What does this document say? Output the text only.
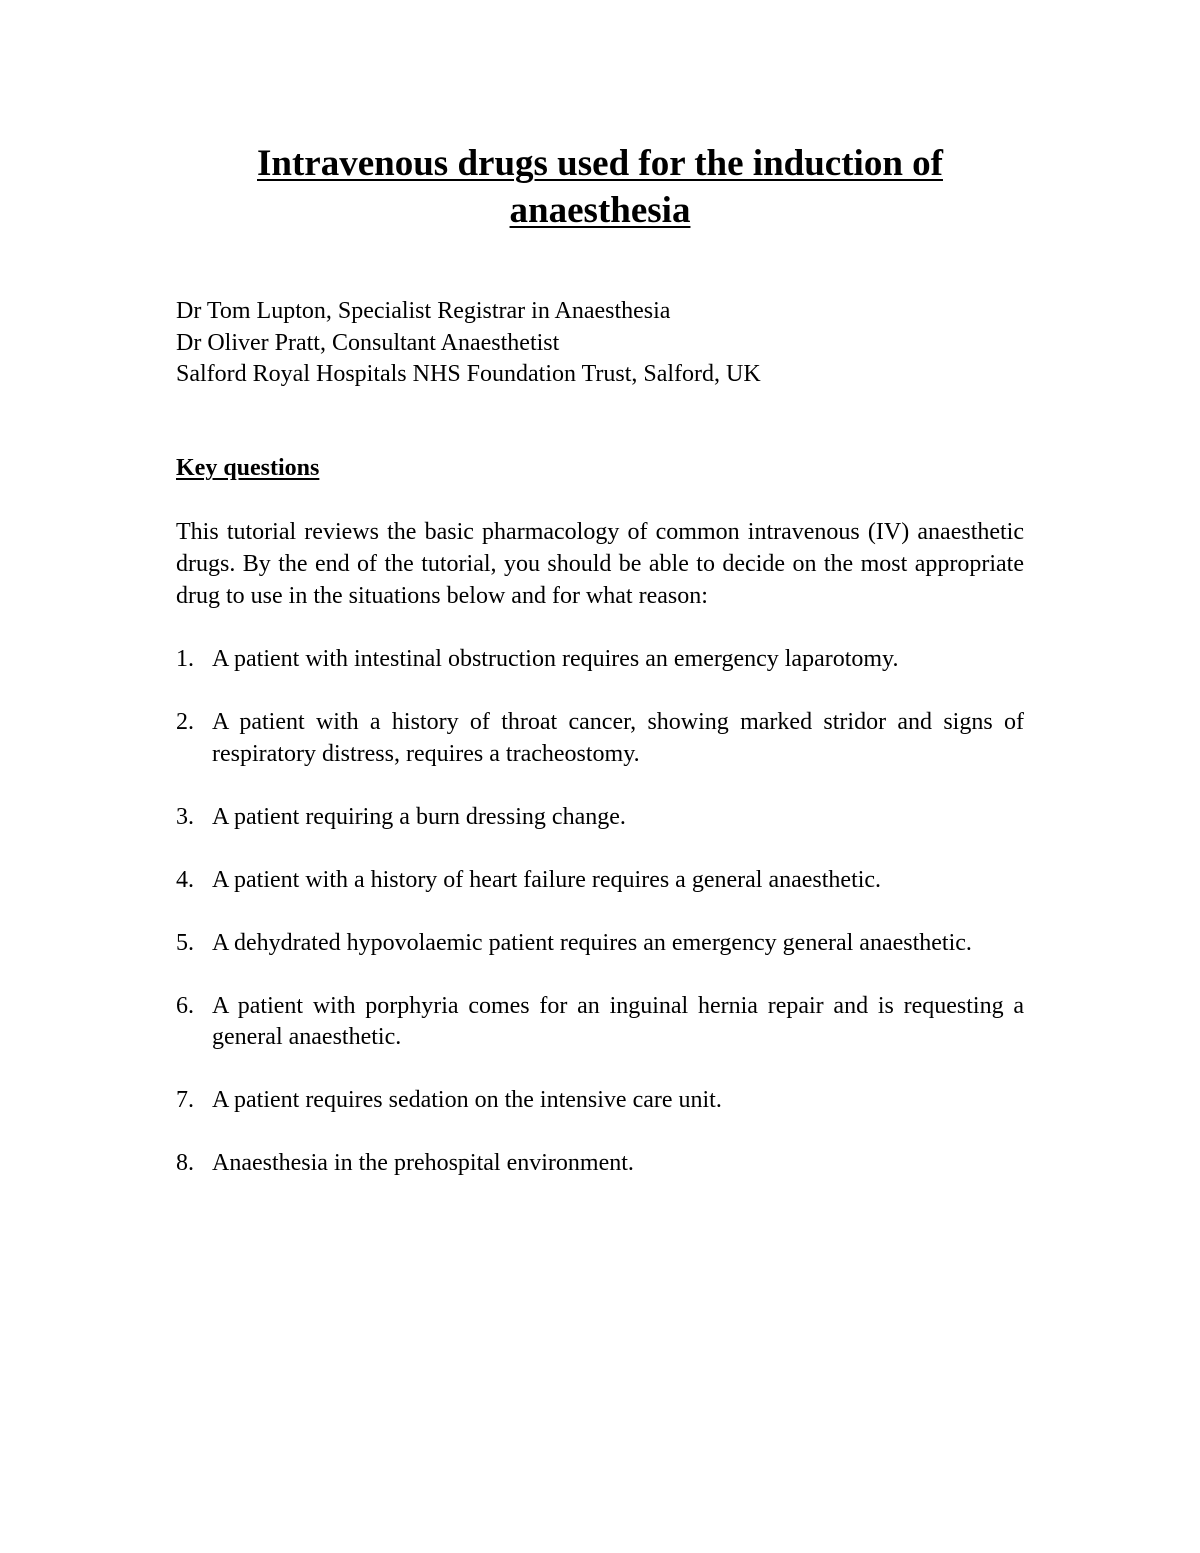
Intravenous drugs used for the induction of anaesthesia
Dr Tom Lupton, Specialist Registrar in Anaesthesia
Dr Oliver Pratt, Consultant Anaesthetist
Salford Royal Hospitals NHS Foundation Trust, Salford, UK
Key questions

This tutorial reviews the basic pharmacology of common intravenous (IV) anaesthetic drugs. By the end of the tutorial, you should be able to decide on the most appropriate drug to use in the situations below and for what reason:

1. A patient with intestinal obstruction requires an emergency laparotomy.
2. A patient with a history of throat cancer, showing marked stridor and signs of respiratory distress, requires a tracheostomy.
3. A patient requiring a burn dressing change.
4. A patient with a history of heart failure requires a general anaesthetic.
5. A dehydrated hypovolaemic patient requires an emergency general anaesthetic.
6. A patient with porphyria comes for an inguinal hernia repair and is requesting a general anaesthetic.
7. A patient requires sedation on the intensive care unit.
8. Anaesthesia in the prehospital environment.
